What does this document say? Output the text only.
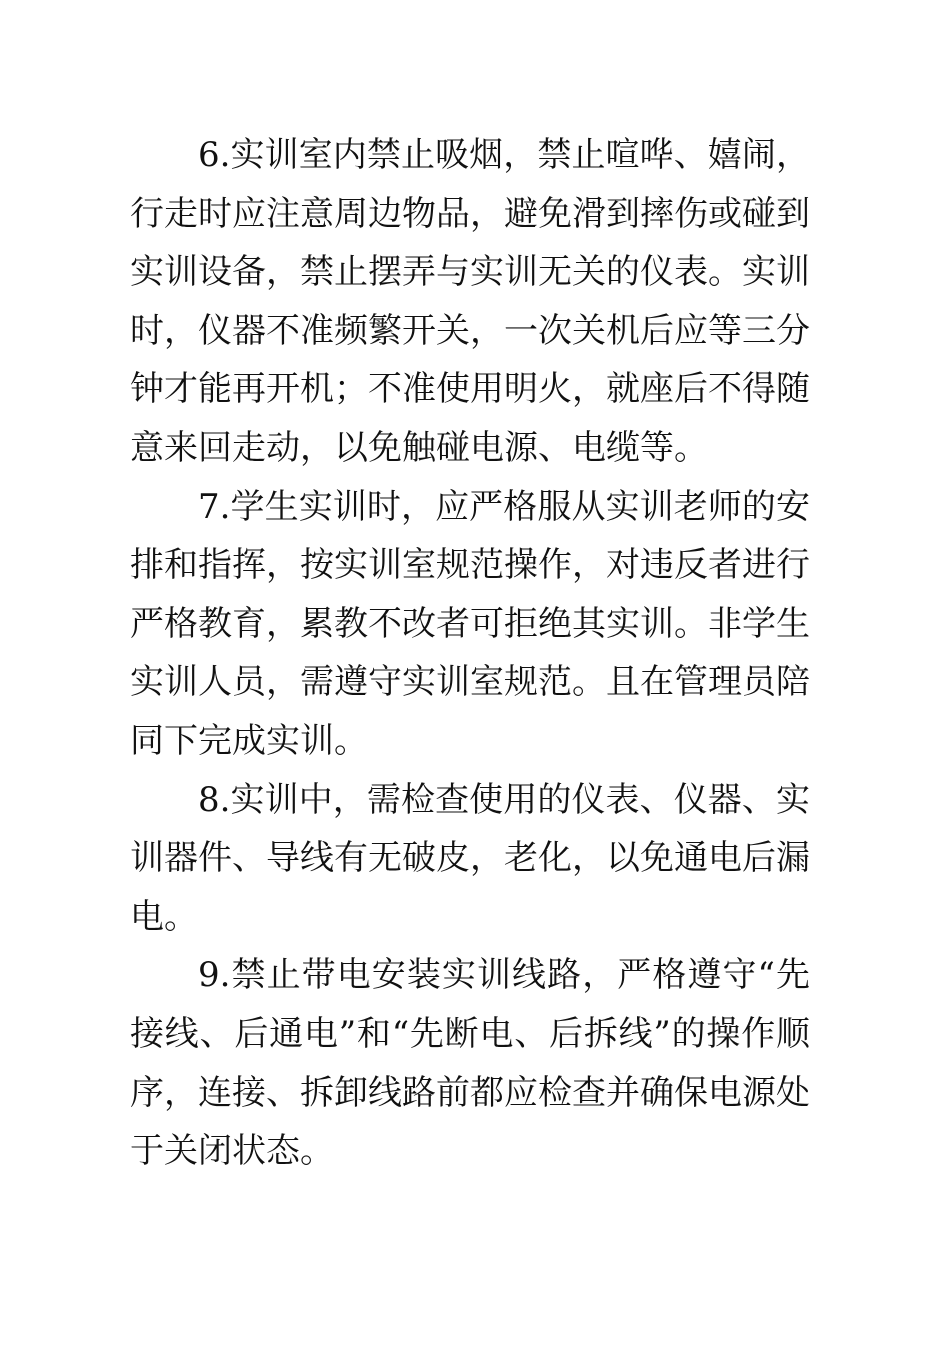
6.实训室内禁止吸烟，禁止喧哗、嬉闹，行走时应注意周边物品，避免滑到摔伤或碰到实训设备，禁止摆弄与实训无关的仪表。实训时，仪器不准频繁开关，一次关机后应等三分钟才能再开机；不准使用明火，就座后不得随意来回走动，以免触碰电源、电缆等。

7.学生实训时，应严格服从实训老师的安排和指挥，按实训室规范操作，对违反者进行严格教育，累教不改者可拒绝其实训。非学生实训人员，需遵守实训室规范。且在管理员陪同下完成实训。

8.实训中，需检查使用的仪表、仪器、实训器件、导线有无破皮，老化，以免通电后漏电。

9.禁止带电安装实训线路，严格遵守“先接线、后通电”和“先断电、后拆线”的操作顺序，连接、拆卸线路前都应检查并确保电源处于关闭状态。
